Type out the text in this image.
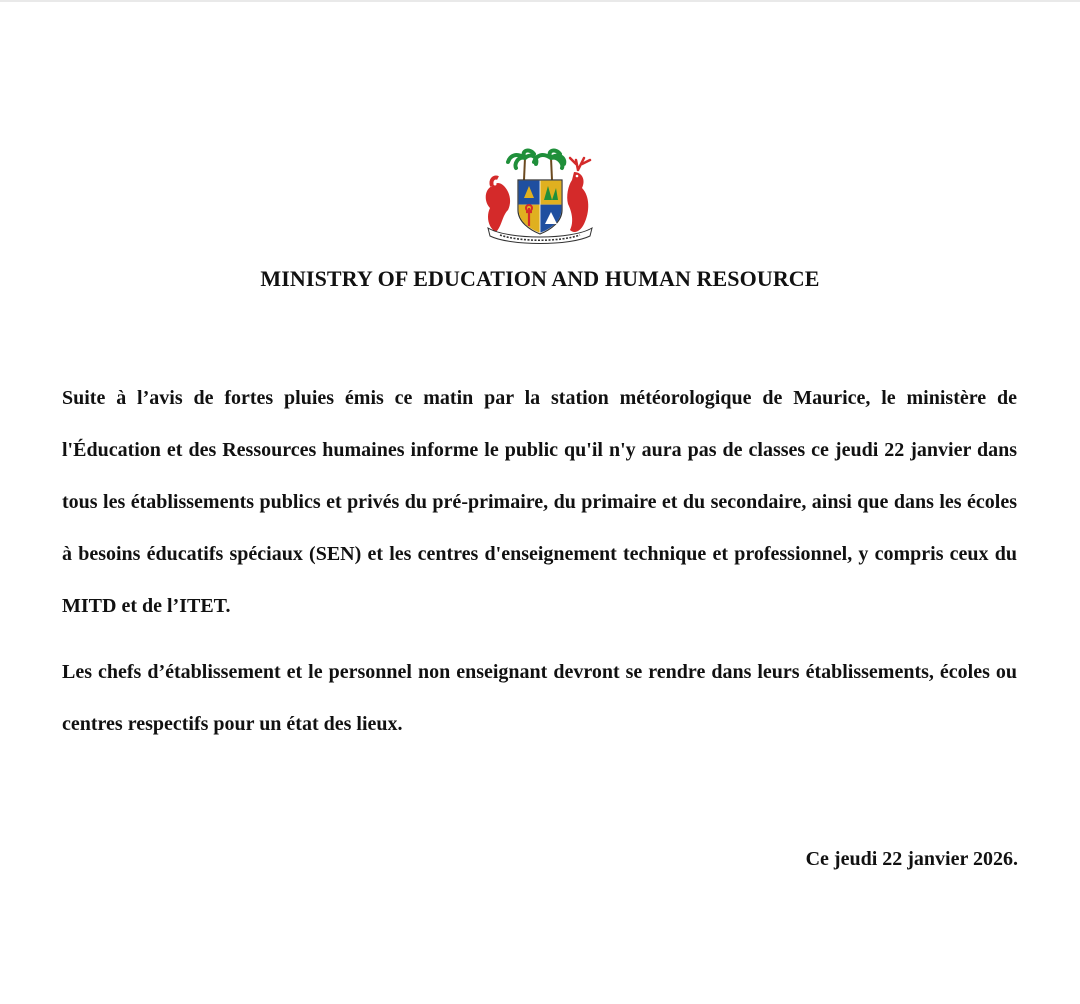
MINISTRY OF EDUCATION AND HUMAN RESOURCE

Suite à l’avis de fortes pluies émis ce matin par la station météorologique de Maurice, le ministère de l'Éducation et des Ressources humaines informe le public qu'il n'y aura pas de classes ce jeudi 22 janvier dans tous les établissements publics et privés du pré-primaire, du primaire et du secondaire, ainsi que dans les écoles à besoins éducatifs spéciaux (SEN) et les centres d'enseignement technique et professionnel, y compris ceux du MITD et de l’ITET.

Les chefs d’établissement et le personnel non enseignant devront se rendre dans leurs établissements, écoles ou centres respectifs pour un état des lieux.

Ce jeudi 22 janvier 2026.
